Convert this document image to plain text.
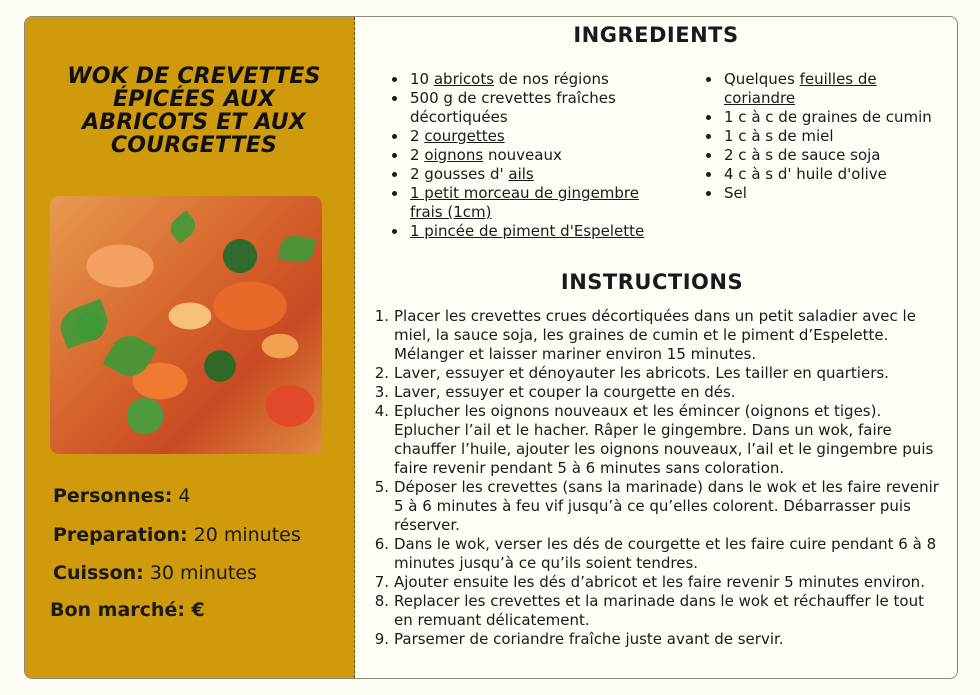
WOK DE CREVETTES ÉPICÉES AUX ABRICOTS ET AUX COURGETTES
Personnes: 4
Preparation: 20 minutes
Cuisson: 30 minutes
Bon marché: €
INGREDIENTS
10 abricots de nos régions
500 g de crevettes fraîches décortiquées
2 courgettes
2 oignons nouveaux
2 gousses d' ails
1 petit morceau de gingembre frais (1cm)
1 pincée de piment d'Espelette
Quelques feuilles de coriandre
1 c à c de graines de cumin
1 c à s de miel
2 c à s de sauce soja
4 c à s d' huile d'olive
Sel
INSTRUCTIONS
1. Placer les crevettes crues décortiquées dans un petit saladier avec le miel, la sauce soja, les graines de cumin et le piment d’Espelette. Mélanger et laisser mariner environ 15 minutes.
2. Laver, essuyer et dénoyauter les abricots. Les tailler en quartiers.
3. Laver, essuyer et couper la courgette en dés.
4. Eplucher les oignons nouveaux et les émincer (oignons et tiges). Eplucher l’ail et le hacher. Râper le gingembre. Dans un wok, faire chauffer l’huile, ajouter les oignons nouveaux, l’ail et le gingembre puis faire revenir pendant 5 à 6 minutes sans coloration.
5. Déposer les crevettes (sans la marinade) dans le wok et les faire revenir 5 à 6 minutes à feu vif jusqu’à ce qu’elles colorent. Débarrasser puis réserver.
6. Dans le wok, verser les dés de courgette et les faire cuire pendant 6 à 8 minutes jusqu’à ce qu’ils soient tendres.
7. Ajouter ensuite les dés d’abricot et les faire revenir 5 minutes environ.
8. Replacer les crevettes et la marinade dans le wok et réchauffer le tout en remuant délicatement.
9. Parsemer de coriandre fraîche juste avant de servir.
